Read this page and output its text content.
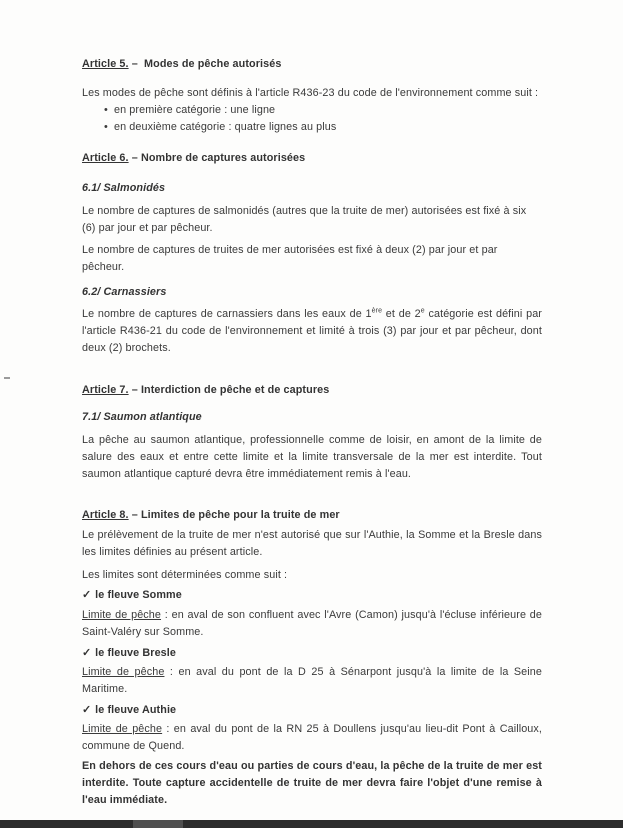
Article 5. – Modes de pêche autorisés

Les modes de pêche sont définis à l'article R436-23 du code de l'environnement comme suit :

• en première catégorie : une ligne
• en deuxième catégorie : quatre lignes au plus

Article 6. – Nombre de captures autorisées

6.1/ Salmonidés

Le nombre de captures de salmonidés (autres que la truite de mer) autorisées est fixé à six (6) par jour et par pêcheur.

Le nombre de captures de truites de mer autorisées est fixé à deux (2) par jour et par pêcheur.

6.2/ Carnassiers

Le nombre de captures de carnassiers dans les eaux de 1ère et de 2e catégorie est défini par l'article R436-21 du code de l'environnement et limité à trois (3) par jour et par pêcheur, dont deux (2) brochets.

Article 7. – Interdiction de pêche et de captures

7.1/ Saumon atlantique

La pêche au saumon atlantique, professionnelle comme de loisir, en amont de la limite de salure des eaux et entre cette limite et la limite transversale de la mer est interdite. Tout saumon atlantique capturé devra être immédiatement remis à l'eau.

Article 8. – Limites de pêche pour la truite de mer

Le prélèvement de la truite de mer n'est autorisé que sur l'Authie, la Somme et la Bresle dans les limites définies au présent article.

Les limites sont déterminées comme suit :

✓ le fleuve Somme

Limite de pêche : en aval de son confluent avec l'Avre (Camon) jusqu'à l'écluse inférieure de Saint-Valéry sur Somme.

✓ le fleuve Bresle

Limite de pêche : en aval du pont de la D 25 à Sénarpont jusqu'à la limite de la Seine Maritime.

✓ le fleuve Authie

Limite de pêche : en aval du pont de la RN 25 à Doullens jusqu'au lieu-dit Pont à Cailloux, commune de Quend.

En dehors de ces cours d'eau ou parties de cours d'eau, la pêche de la truite de mer est interdite. Toute capture accidentelle de truite de mer devra faire l'objet d'une remise à l'eau immédiate.
